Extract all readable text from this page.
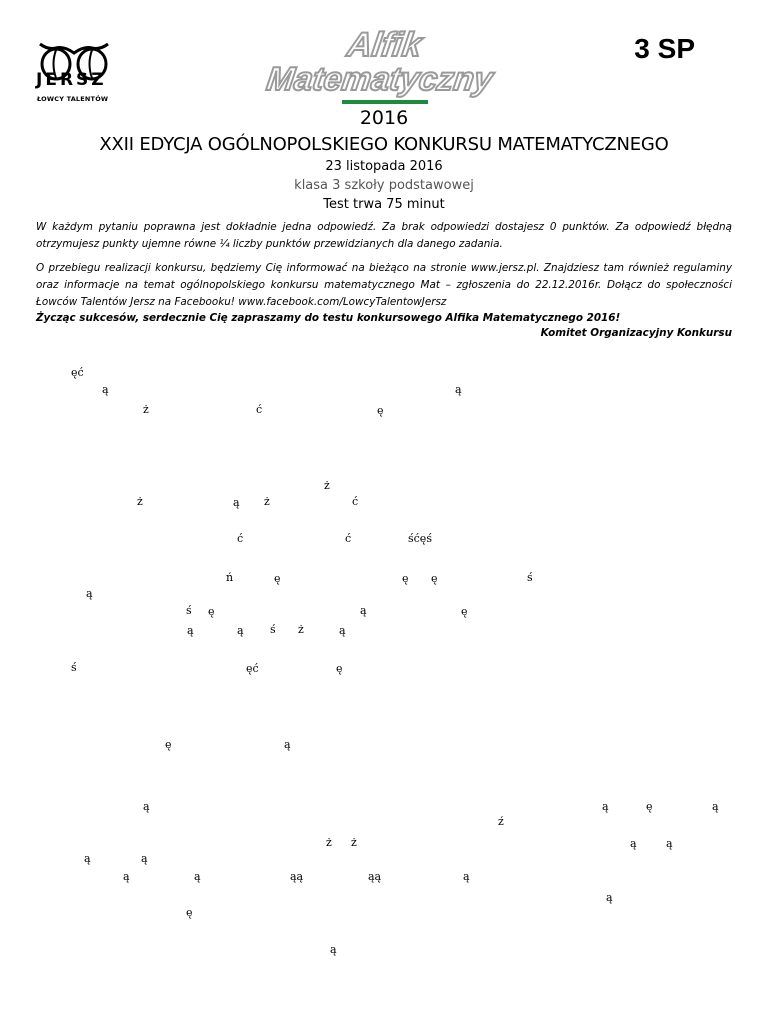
JERSZ
ŁOWCY TALENTÓW
Alfik
Matematyczny
3 SP
2016
XXII EDYCJA OGÓLNOPOLSKIEGO KONKURSU MATEMATYCZNEGO
23 listopada 2016
klasa 3 szkoły podstawowej
Test trwa 75 minut
W każdym pytaniu poprawna jest dokładnie jedna odpowiedź. Za brak odpowiedzi dostajesz 0 punktów. Za odpowiedź błędną otrzymujesz punkty ujemne równe ¼ liczby punktów przewidzianych dla danego zadania.
O przebiegu realizacji konkursu, będziemy Cię informować na bieżąco na stronie www.jersz.pl. Znajdziesz tam również regulaminy oraz informacje na temat ogólnopolskiego konkursu matematycznego Mat – zgłoszenia do 22.12.2016r. Dołącz do społeczności Łowców Talentów Jersz na Facebooku! www.facebook.com/LowcyTalentowJersz
Życząc sukcesów, serdecznie Cię zapraszamy do testu konkursowego Alfika Matematycznego 2016!
Komitet Organizacyjny Konkursu
ęć
ą	ą
ż	ć	ę
ż
ż	ą ż	ć
ć	ć	śćęś
ń	ę	ę ę	ś
ą
ś ę	ą	ę
ą	ą ś ż	ą
ś	ęć	ę
ę	ą
ą	ą	ę	ą
ź
ż ż	ą	ą
ą	ą
ą	ą	ąą	ąą	ą
ą
ę
ą
